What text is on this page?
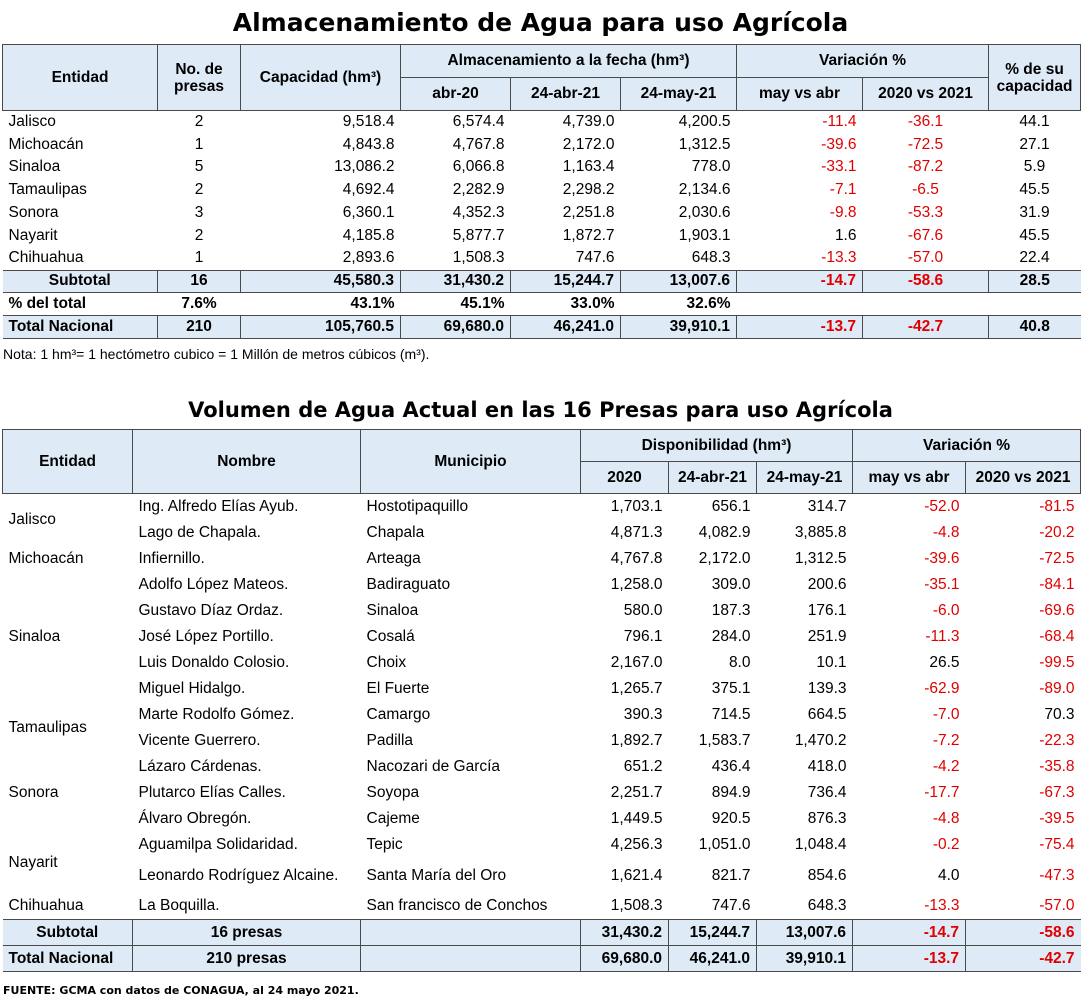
Almacenamiento de Agua para uso Agrícola
Entidad	No. de presas	Capacidad (hm³)	Almacenamiento a la fecha (hm³)			Variación %		% de su capacidad
			abr-20	24-abr-21	24-may-21	may vs abr	2020 vs 2021	
Jalisco	2	9,518.4	6,574.4	4,739.0	4,200.5	-11.4	-36.1	44.1
Michoacán	1	4,843.8	4,767.8	2,172.0	1,312.5	-39.6	-72.5	27.1
Sinaloa	5	13,086.2	6,066.8	1,163.4	778.0	-33.1	-87.2	5.9
Tamaulipas	2	4,692.4	2,282.9	2,298.2	2,134.6	-7.1	-6.5	45.5
Sonora	3	6,360.1	4,352.3	2,251.8	2,030.6	-9.8	-53.3	31.9
Nayarit	2	4,185.8	5,877.7	1,872.7	1,903.1	1.6	-67.6	45.5
Chihuahua	1	2,893.6	1,508.3	747.6	648.3	-13.3	-57.0	22.4
Subtotal	16	45,580.3	31,430.2	15,244.7	13,007.6	-14.7	-58.6	28.5
% del total	7.6%	43.1%	45.1%	33.0%	32.6%			
Total Nacional	210	105,760.5	69,680.0	46,241.0	39,910.1	-13.7	-42.7	40.8
Nota: 1 hm³= 1 hectómetro cubico = 1 Millón de metros cúbicos (m³).
Volumen de Agua Actual en las 16 Presas para uso Agrícola
Entidad	Nombre	Municipio	Disponibilidad (hm³)			Variación %	
			2020	24-abr-21	24-may-21	may vs abr	2020 vs 2021
Jalisco	Ing. Alfredo Elías Ayub.	Hostotipaquillo	1,703.1	656.1	314.7	-52.0	-81.5
	Lago de Chapala.	Chapala	4,871.3	4,082.9	3,885.8	-4.8	-20.2
Michoacán	Infiernillo.	Arteaga	4,767.8	2,172.0	1,312.5	-39.6	-72.5
Sinaloa	Adolfo López Mateos.	Badiraguato	1,258.0	309.0	200.6	-35.1	-84.1
	Gustavo Díaz Ordaz.	Sinaloa	580.0	187.3	176.1	-6.0	-69.6
	José López Portillo.	Cosalá	796.1	284.0	251.9	-11.3	-68.4
	Luis Donaldo Colosio.	Choix	2,167.0	8.0	10.1	26.5	-99.5
	Miguel Hidalgo.	El Fuerte	1,265.7	375.1	139.3	-62.9	-89.0
Tamaulipas	Marte Rodolfo Gómez.	Camargo	390.3	714.5	664.5	-7.0	70.3
	Vicente Guerrero.	Padilla	1,892.7	1,583.7	1,470.2	-7.2	-22.3
Sonora	Lázaro Cárdenas.	Nacozari de García	651.2	436.4	418.0	-4.2	-35.8
	Plutarco Elías Calles.	Soyopa	2,251.7	894.9	736.4	-17.7	-67.3
	Álvaro Obregón.	Cajeme	1,449.5	920.5	876.3	-4.8	-39.5
Nayarit	Aguamilpa Solidaridad.	Tepic	4,256.3	1,051.0	1,048.4	-0.2	-75.4
	Leonardo Rodríguez Alcaine.	Santa María del Oro	1,621.4	821.7	854.6	4.0	-47.3
Chihuahua	La Boquilla.	San francisco de Conchos	1,508.3	747.6	648.3	-13.3	-57.0
Subtotal	16 presas		31,430.2	15,244.7	13,007.6	-14.7	-58.6
Total Nacional	210 presas		69,680.0	46,241.0	39,910.1	-13.7	-42.7
FUENTE: GCMA con datos de CONAGUA, al 24 mayo 2021.
